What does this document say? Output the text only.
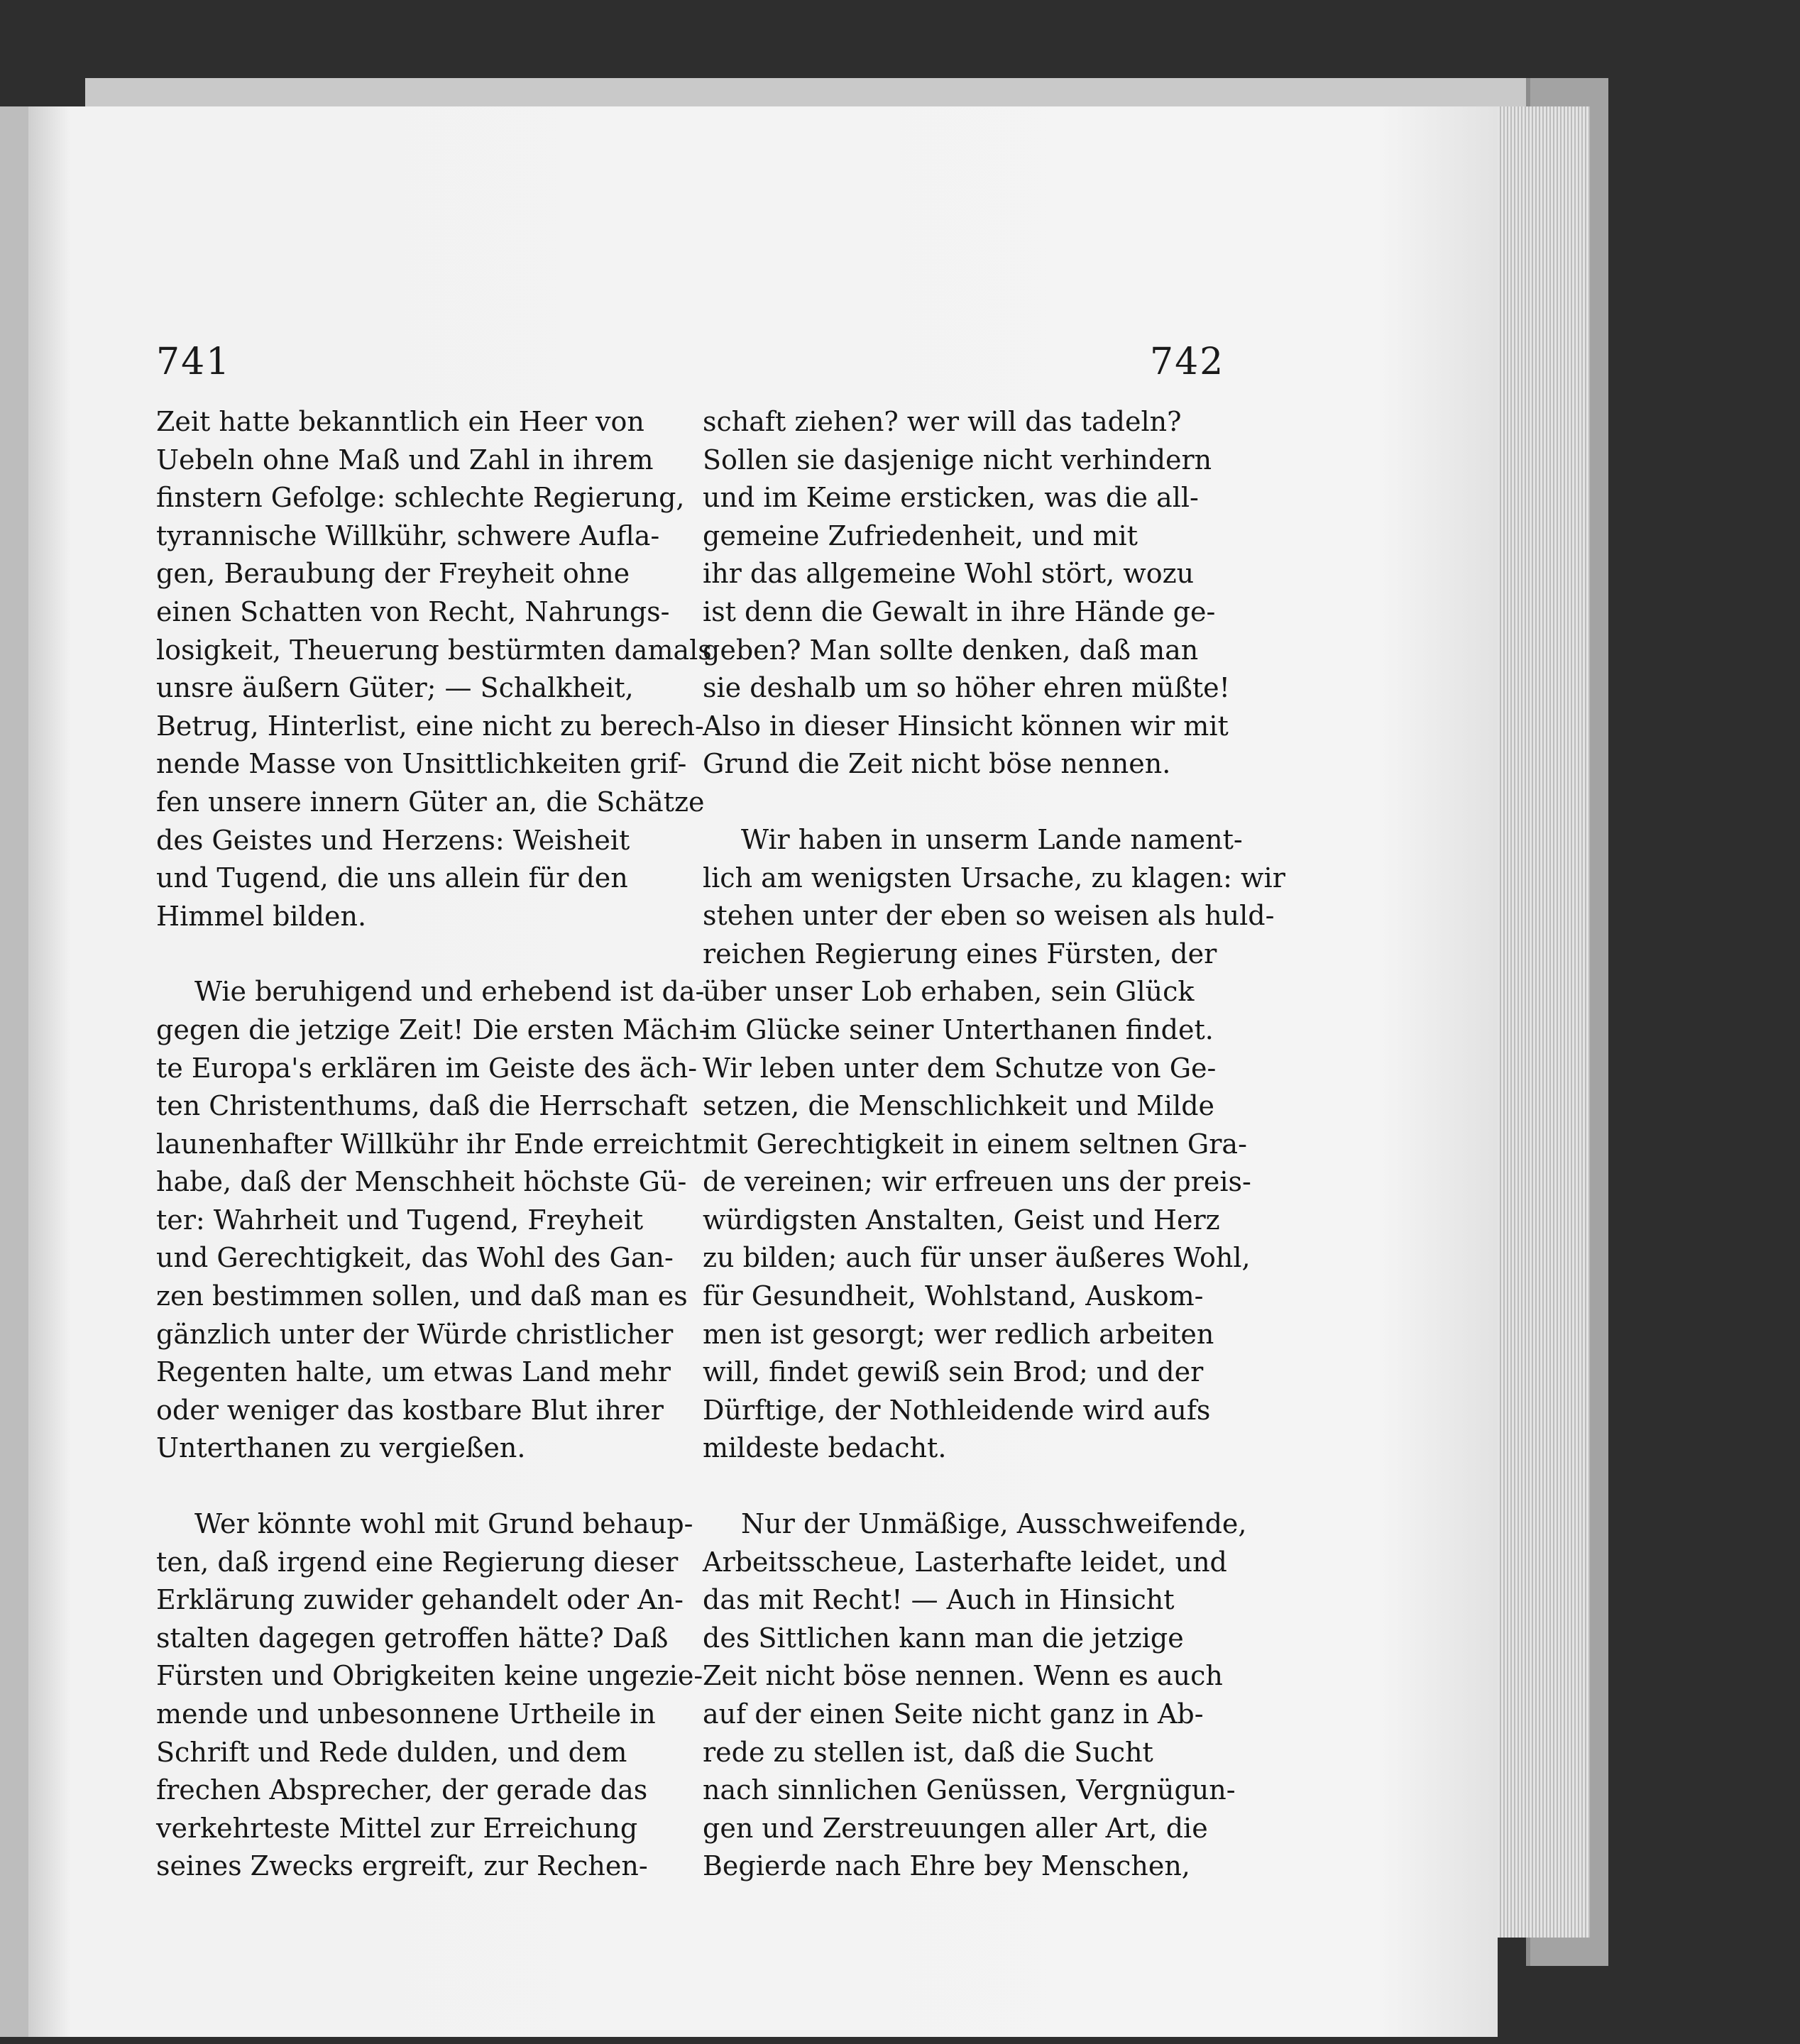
741	742

Zeit hatte bekanntlich ein Heer von
Uebeln ohne Maß und Zahl in ihrem
finstern Gefolge: schlechte Regierung,
tyrannische Willkühr, schwere Aufla-
gen, Beraubung der Freyheit ohne
einen Schatten von Recht, Nahrungs-
losigkeit, Theuerung bestürmten damals
unsre äußern Güter; — Schalkheit,
Betrug, Hinterlist, eine nicht zu berech-
nende Masse von Unsittlichkeiten grif-
fen unsere innern Güter an, die Schätze
des Geistes und Herzens: Weisheit
und Tugend, die uns allein für den
Himmel bilden.

Wie beruhigend und erhebend ist da-
gegen die jetzige Zeit! Die ersten Mäch-
te Europa's erklären im Geiste des äch-
ten Christenthums, daß die Herrschaft
launenhafter Willkühr ihr Ende erreicht
habe, daß der Menschheit höchste Gü-
ter: Wahrheit und Tugend, Freyheit
und Gerechtigkeit, das Wohl des Gan-
zen bestimmen sollen, und daß man es
gänzlich unter der Würde christlicher
Regenten halte, um etwas Land mehr
oder weniger das kostbare Blut ihrer
Unterthanen zu vergießen.

Wer könnte wohl mit Grund behaup-
ten, daß irgend eine Regierung dieser
Erklärung zuwider gehandelt oder An-
stalten dagegen getroffen hätte? Daß
Fürsten und Obrigkeiten keine ungezie-
mende und unbesonnene Urtheile in
Schrift und Rede dulden, und dem
frechen Absprecher, der gerade das
verkehrteste Mittel zur Erreichung
seines Zwecks ergreift, zur Rechen-

schaft ziehen? wer will das tadeln?
Sollen sie dasjenige nicht verhindern
und im Keime ersticken, was die all-
gemeine Zufriedenheit, und mit
ihr das allgemeine Wohl stört, wozu
ist denn die Gewalt in ihre Hände ge-
geben? Man sollte denken, daß man
sie deshalb um so höher ehren müßte!
Also in dieser Hinsicht können wir mit
Grund die Zeit nicht böse nennen.

Wir haben in unserm Lande nament-
lich am wenigsten Ursache, zu klagen: wir
stehen unter der eben so weisen als huld-
reichen Regierung eines Fürsten, der
über unser Lob erhaben, sein Glück
im Glücke seiner Unterthanen findet.
Wir leben unter dem Schutze von Ge-
setzen, die Menschlichkeit und Milde
mit Gerechtigkeit in einem seltnen Gra-
de vereinen; wir erfreuen uns der preis-
würdigsten Anstalten, Geist und Herz
zu bilden; auch für unser äußeres Wohl,
für Gesundheit, Wohlstand, Auskom-
men ist gesorgt; wer redlich arbeiten
will, findet gewiß sein Brod; und der
Dürftige, der Nothleidende wird aufs
mildeste bedacht.

Nur der Unmäßige, Ausschweifende,
Arbeitsscheue, Lasterhafte leidet, und
das mit Recht! — Auch in Hinsicht
des Sittlichen kann man die jetzige
Zeit nicht böse nennen. Wenn es auch
auf der einen Seite nicht ganz in Ab-
rede zu stellen ist, daß die Sucht
nach sinnlichen Genüssen, Vergnügun-
gen und Zerstreuungen aller Art, die
Begierde nach Ehre bey Menschen,
